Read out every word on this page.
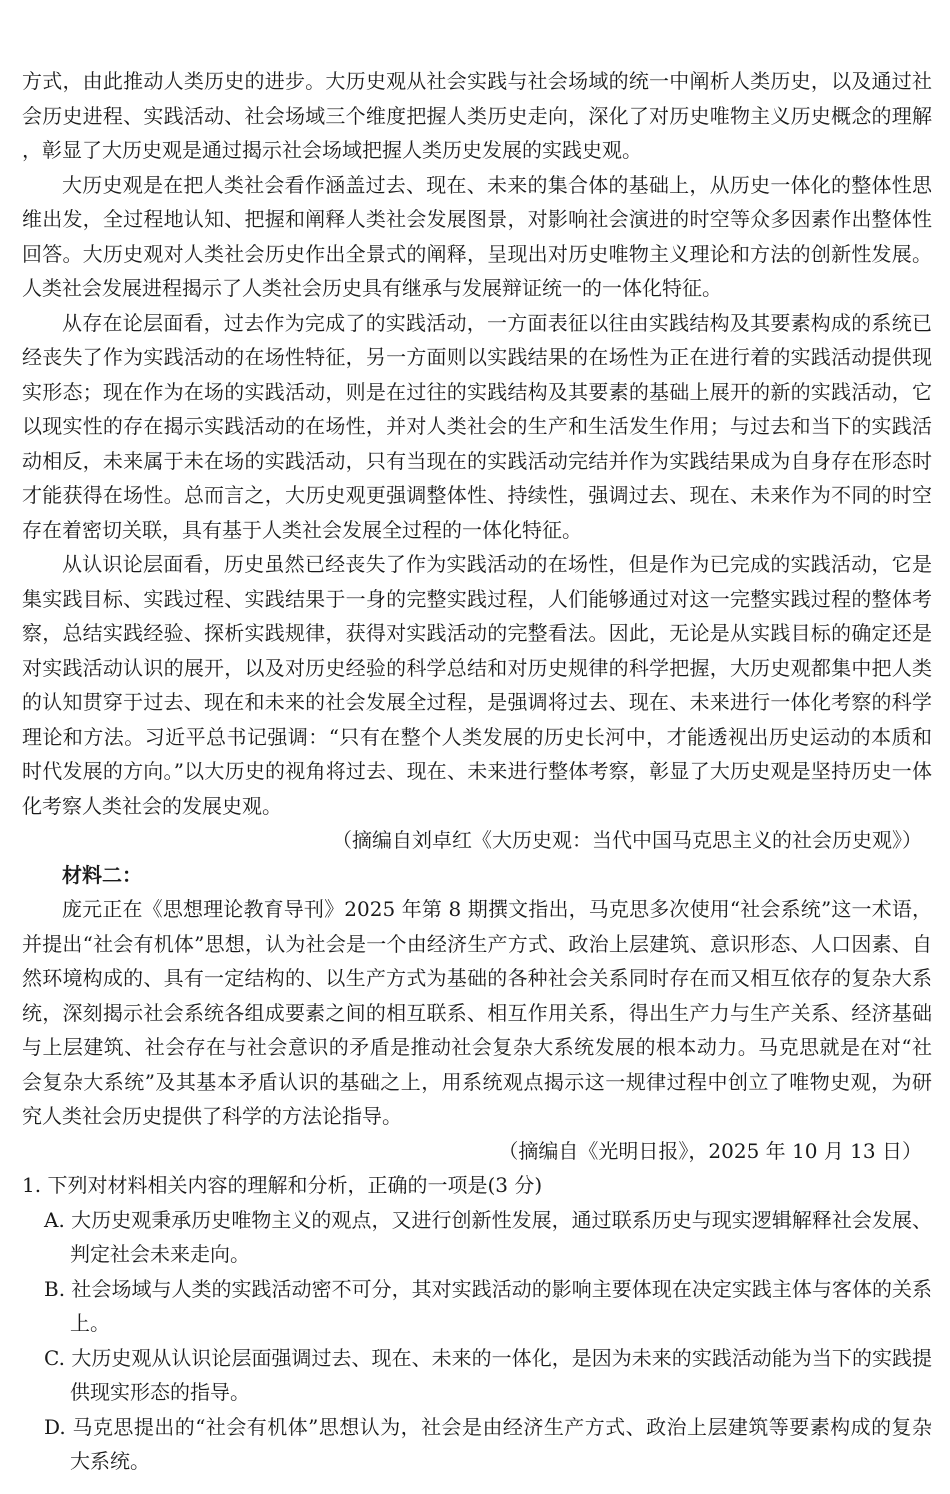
方式，由此推动人类历史的进步。大历史观从社会实践与社会场域的统一中阐析人类历史，以及通过社会历史进程、实践活动、社会场域三个维度把握人类历史走向，深化了对历史唯物主义历史概念的理解，彰显了大历史观是通过揭示社会场域把握人类历史发展的实践史观。

大历史观是在把人类社会看作涵盖过去、现在、未来的集合体的基础上，从历史一体化的整体性思维出发，全过程地认知、把握和阐释人类社会发展图景，对影响社会演进的时空等众多因素作出整体性回答。大历史观对人类社会历史作出全景式的阐释，呈现出对历史唯物主义理论和方法的创新性发展。人类社会发展进程揭示了人类社会历史具有继承与发展辩证统一的一体化特征。

从存在论层面看，过去作为完成了的实践活动，一方面表征以往由实践结构及其要素构成的系统已经丧失了作为实践活动的在场性特征，另一方面则以实践结果的在场性为正在进行着的实践活动提供现实形态；现在作为在场的实践活动，则是在过往的实践结构及其要素的基础上展开的新的实践活动，它以现实性的存在揭示实践活动的在场性，并对人类社会的生产和生活发生作用；与过去和当下的实践活动相反，未来属于未在场的实践活动，只有当现在的实践活动完结并作为实践结果成为自身存在形态时才能获得在场性。总而言之，大历史观更强调整体性、持续性，强调过去、现在、未来作为不同的时空存在着密切关联，具有基于人类社会发展全过程的一体化特征。

从认识论层面看，历史虽然已经丧失了作为实践活动的在场性，但是作为已完成的实践活动，它是集实践目标、实践过程、实践结果于一身的完整实践过程，人们能够通过对这一完整实践过程的整体考察，总结实践经验、探析实践规律，获得对实践活动的完整看法。因此，无论是从实践目标的确定还是对实践活动认识的展开，以及对历史经验的科学总结和对历史规律的科学把握，大历史观都集中把人类的认知贯穿于过去、现在和未来的社会发展全过程，是强调将过去、现在、未来进行一体化考察的科学理论和方法。习近平总书记强调：“只有在整个人类发展的历史长河中，才能透视出历史运动的本质和时代发展的方向。”以大历史的视角将过去、现在、未来进行整体考察，彰显了大历史观是坚持历史一体化考察人类社会的发展史观。

（摘编自刘卓红《大历史观：当代中国马克思主义的社会历史观》）

材料二：

庞元正在《思想理论教育导刊》2025 年第 8 期撰文指出，马克思多次使用“社会系统”这一术语，并提出“社会有机体”思想，认为社会是一个由经济生产方式、政治上层建筑、意识形态、人口因素、自然环境构成的、具有一定结构的、以生产方式为基础的各种社会关系同时存在而又相互依存的复杂大系统，深刻揭示社会系统各组成要素之间的相互联系、相互作用关系，得出生产力与生产关系、经济基础与上层建筑、社会存在与社会意识的矛盾是推动社会复杂大系统发展的根本动力。马克思就是在对“社会复杂大系统”及其基本矛盾认识的基础之上，用系统观点揭示这一规律过程中创立了唯物史观，为研究人类社会历史提供了科学的方法论指导。

（摘编自《光明日报》，2025 年 10 月 13 日）

1. 下列对材料相关内容的理解和分析，正确的一项是(3 分)

A. 大历史观秉承历史唯物主义的观点，又进行创新性发展，通过联系历史与现实逻辑解释社会发展、判定社会未来走向。

B. 社会场域与人类的实践活动密不可分，其对实践活动的影响主要体现在决定实践主体与客体的关系上。

C. 大历史观从认识论层面强调过去、现在、未来的一体化，是因为未来的实践活动能为当下的实践提供现实形态的指导。

D. 马克思提出的“社会有机体”思想认为，社会是由经济生产方式、政治上层建筑等要素构成的复杂大系统。
